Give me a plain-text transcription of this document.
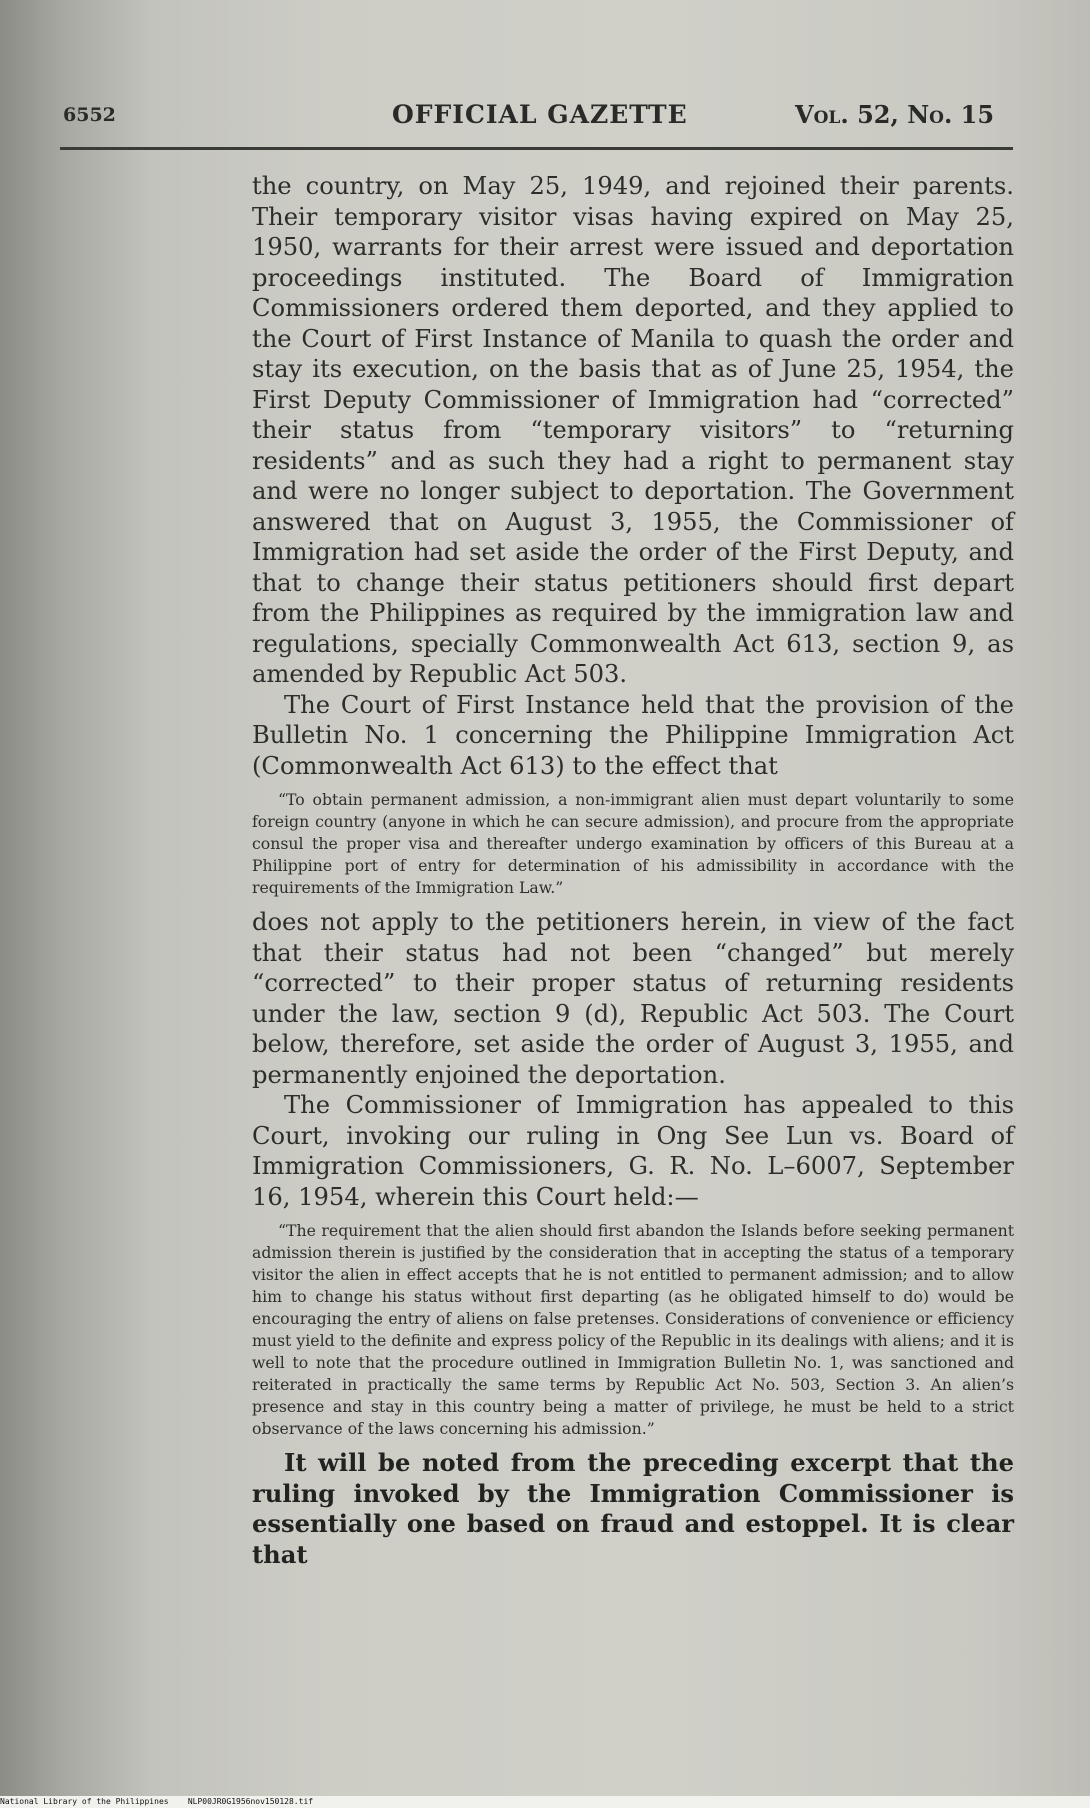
6552	OFFICIAL GAZETTE	Vol. 52, No. 15

the country, on May 25, 1949, and rejoined their parents. Their temporary visitor visas having expired on May 25, 1950, warrants for their arrest were issued and deportation proceedings instituted. The Board of Immigration Commissioners ordered them deported, and they applied to the Court of First Instance of Manila to quash the order and stay its execution, on the basis that as of June 25, 1954, the First Deputy Commissioner of Immigration had “corrected” their status from “temporary visitors” to “returning residents” and as such they had a right to permanent stay and were no longer subject to deportation. The Government answered that on August 3, 1955, the Commissioner of Immigration had set aside the order of the First Deputy, and that to change their status petitioners should first depart from the Philippines as required by the immigration law and regulations, specially Commonwealth Act 613, section 9, as amended by Republic Act 503.

The Court of First Instance held that the provision of the Bulletin No. 1 concerning the Philippine Immigration Act (Commonwealth Act 613) to the effect that

“To obtain permanent admission, a non-immigrant alien must depart voluntarily to some foreign country (anyone in which he can secure admission), and procure from the appropriate consul the proper visa and thereafter undergo examination by officers of this Bureau at a Philippine port of entry for determination of his admissibility in accordance with the requirements of the Immigration Law.”

does not apply to the petitioners herein, in view of the fact that their status had not been “changed” but merely “corrected” to their proper status of returning residents under the law, section 9 (d), Republic Act 503. The Court below, therefore, set aside the order of August 3, 1955, and permanently enjoined the deportation.

The Commissioner of Immigration has appealed to this Court, invoking our ruling in Ong See Lun vs. Board of Immigration Commissioners, G. R. No. L–6007, September 16, 1954, wherein this Court held:—

“The requirement that the alien should first abandon the Islands before seeking permanent admission therein is justified by the consideration that in accepting the status of a temporary visitor the alien in effect accepts that he is not entitled to permanent admission; and to allow him to change his status without first departing (as he obligated himself to do) would be encouraging the entry of aliens on false pretenses. Considerations of convenience or efficiency must yield to the definite and express policy of the Republic in its dealings with aliens; and it is well to note that the procedure outlined in Immigration Bulletin No. 1, was sanctioned and reiterated in practically the same terms by Republic Act No. 503, Section 3. An alien’s presence and stay in this country being a matter of privilege, he must be held to a strict observance of the laws concerning his admission.”

It will be noted from the preceding excerpt that the ruling invoked by the Immigration Commissioner is essentially one based on fraud and estoppel. It is clear that

National Library of the Philippines NLP00JR0G1956nov150128.tif
